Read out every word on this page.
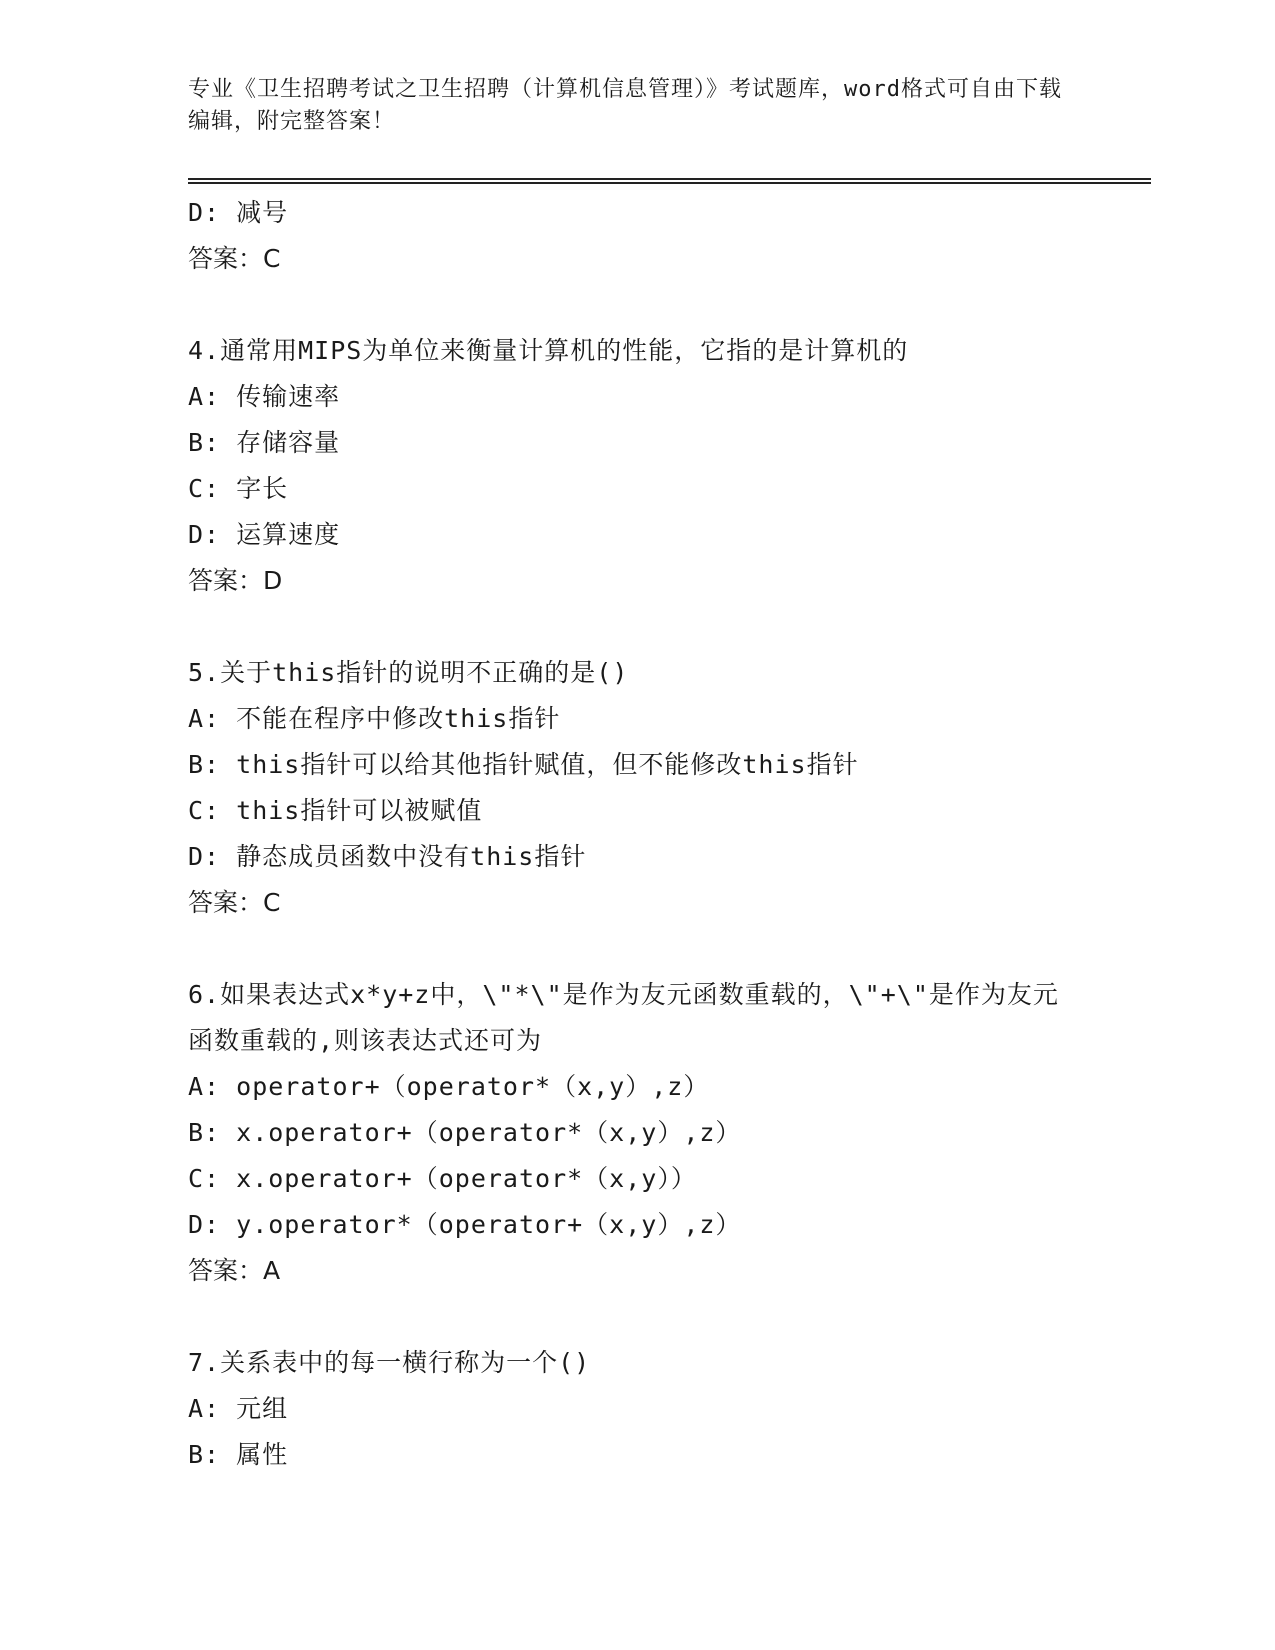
专业《卫生招聘考试之卫生招聘（计算机信息管理）》考试题库，word格式可自由下载编辑，附完整答案！
D: 减号
答案：C
4.通常用MIPS为单位来衡量计算机的性能，它指的是计算机的
A: 传输速率
B: 存储容量
C: 字长
D: 运算速度
答案：D
5.关于this指针的说明不正确的是()
A: 不能在程序中修改this指针
B: this指针可以给其他指针赋值，但不能修改this指针
C: this指针可以被赋值
D: 静态成员函数中没有this指针
答案：C
6.如果表达式x*y+z中，\"*\"是作为友元函数重载的，\"+\"是作为友元函数重载的,则该表达式还可为
A: operator+（operator*（x,y）,z）
B: x.operator+（operator*（x,y）,z）
C: x.operator+（operator*（x,y））
D: y.operator*（operator+（x,y）,z）
答案：A
7.关系表中的每一横行称为一个()
A: 元组
B: 属性
